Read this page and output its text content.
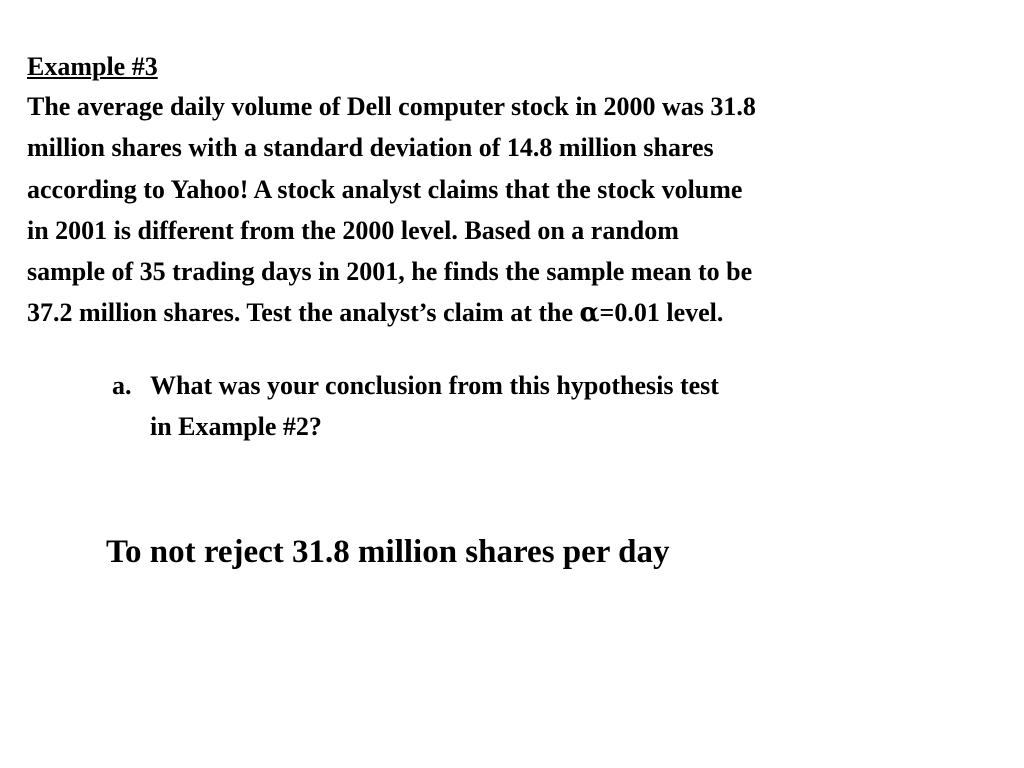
Example #3
The average daily volume of Dell computer stock in 2000 was 31.8
million shares with a standard deviation of 14.8 million shares
according to Yahoo! A stock analyst claims that the stock volume
in 2001 is different from the 2000 level. Based on a random
sample of 35 trading days in 2001, he finds the sample mean to be
37.2 million shares. Test the analyst’s claim at the α=0.01 level.
a. What was your conclusion from this hypothesis test
in Example #2?
To not reject 31.8 million shares per day
